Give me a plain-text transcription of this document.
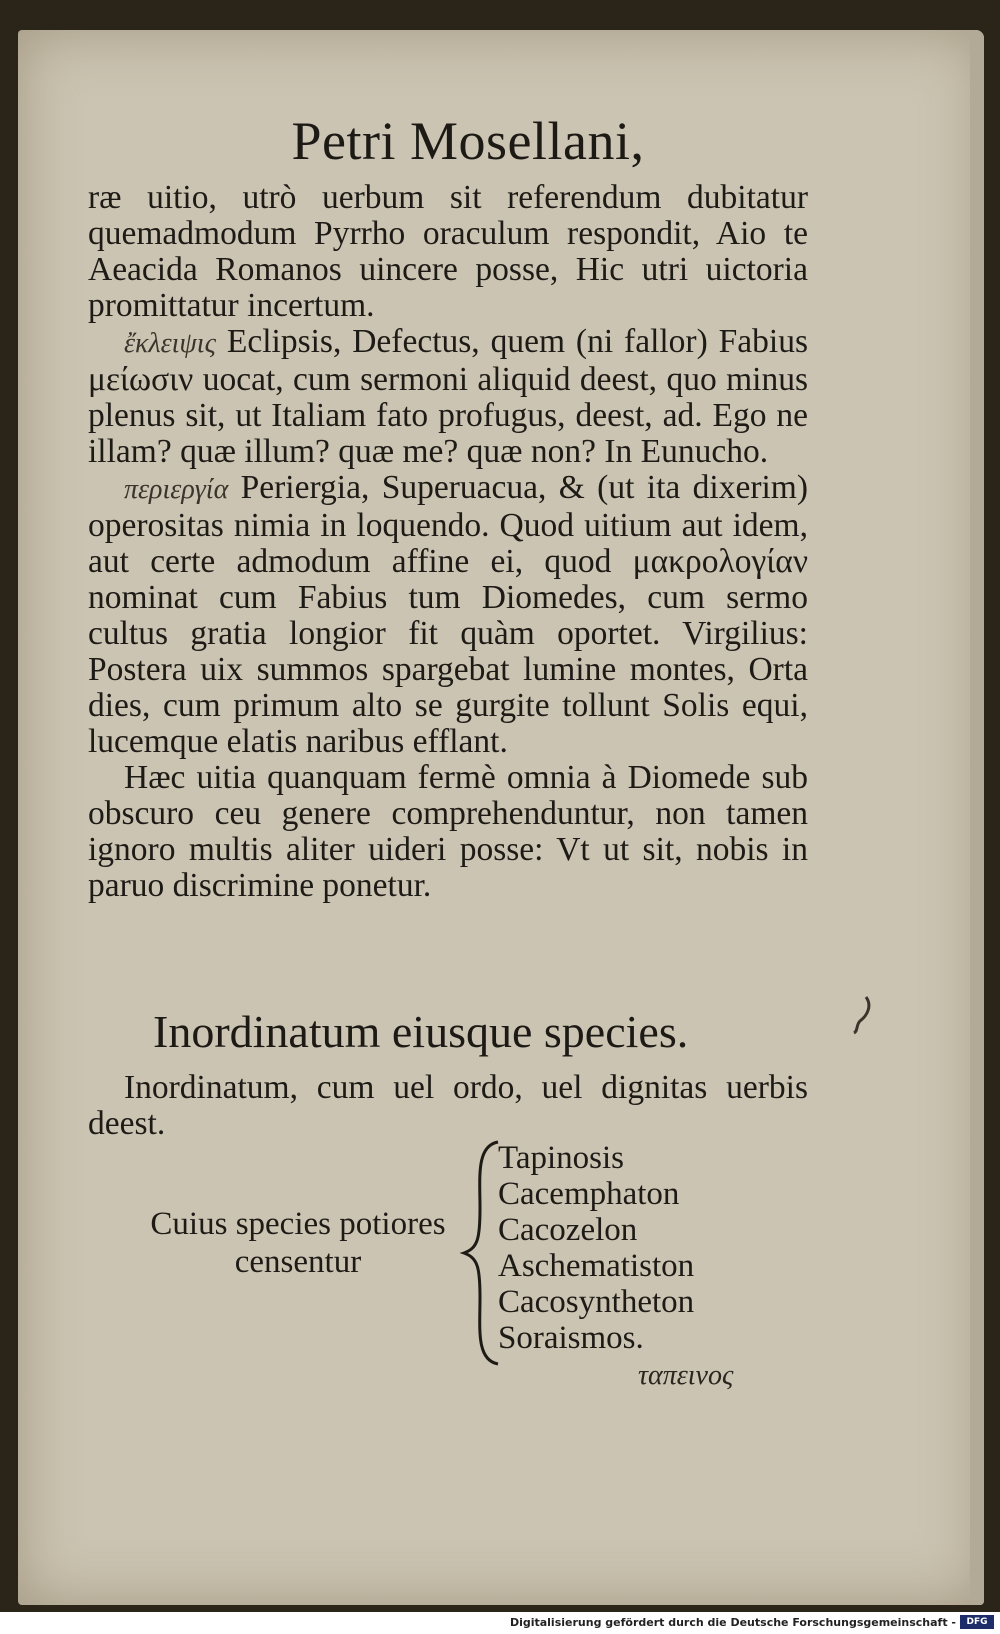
Petri Mosellani,

ræ uitio, utrò uerbum sit referendum dubitatur quemadmodum Pyrrho oraculum respondit, Aio te Aeacida Romanos uincere posse, Hic utri uictoria promittatur incertum.

ἔκλειψις Eclipsis, Defectus, quem (ni fallor) Fabius μείωσιν uocat, cum sermoni aliquid deest, quo minus plenus sit, ut Italiam fato profugus, deest, ad. Ego ne illam? quæ illum? quæ me? quæ non? In Eunucho.

περιεργία Periergia, Superuacua, & (ut ita dixerim) operositas nimia in loquendo. Quod uitium aut idem, aut certe admodum affine ei, quod μακρολογίαν nominat cum Fabius tum Diomedes, cum sermo cultus gratia longior fit quàm oportet. Virgilius: Postera uix summos spargebat lumine montes, Orta dies, cum primum alto se gurgite tollunt Solis equi, lucemque elatis naribus efflant.

Hæc uitia quanquam fermè omnia à Diomede sub obscuro ceu genere comprehenduntur, non tamen ignoro multis aliter uideri posse: Vt ut sit, nobis in paruo discrimine ponetur.

Inordinatum eiusque species.

Inordinatum, cum uel ordo, uel dignitas uerbis deest.

Cuius species potiores censentur
Tapinosis
Cacemphaton
Cacozelon
Aschematiston
Cacosyntheton
Soraismos.
ταπεινος
Digitalisierung gefördert durch die Deutsche Forschungsgemeinschaft -	DFG
